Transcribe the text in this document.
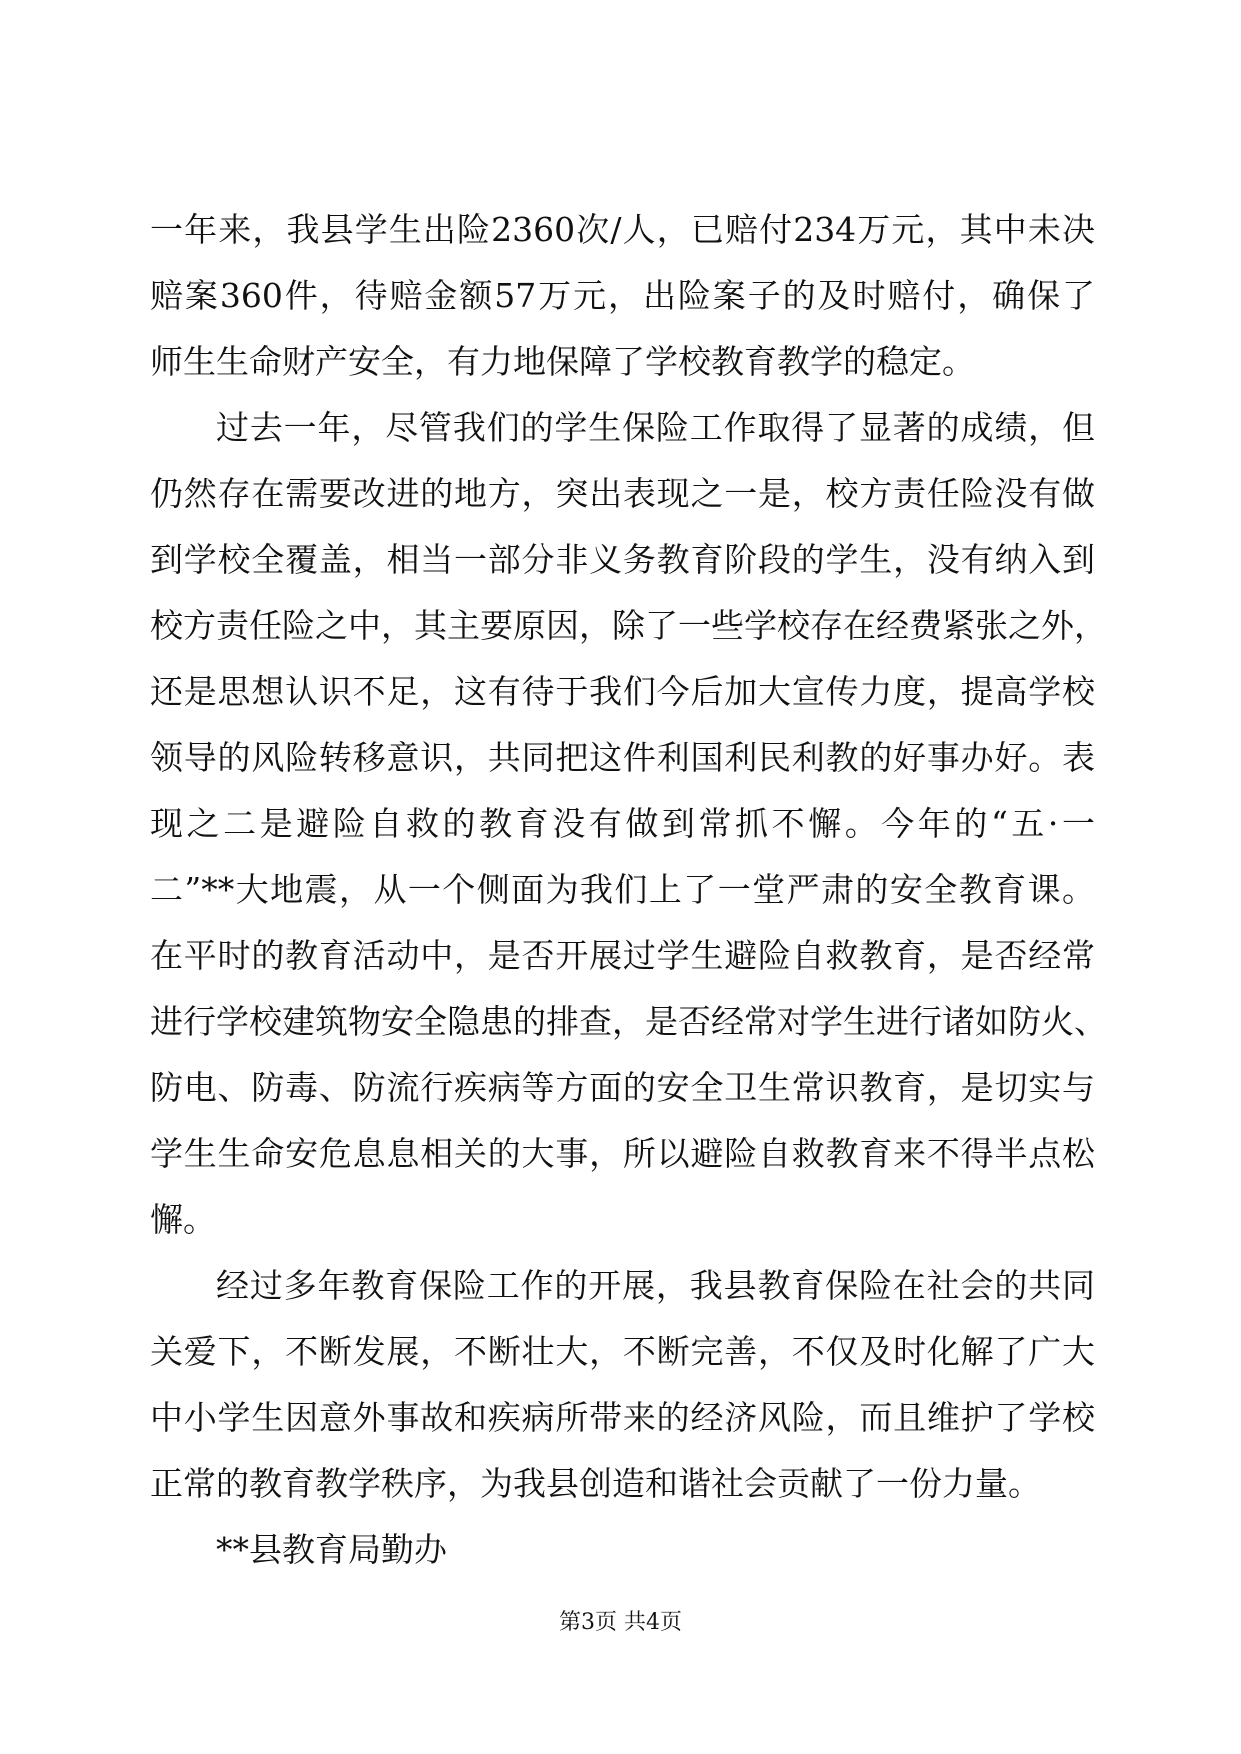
一年来，我县学生出险2360次/人，已赔付234万元，其中未决
赔案360件，待赔金额57万元，出险案子的及时赔付，确保了
师生生命财产安全，有力地保障了学校教育教学的稳定。
过去一年，尽管我们的学生保险工作取得了显著的成绩，但
仍然存在需要改进的地方，突出表现之一是，校方责任险没有做
到学校全覆盖，相当一部分非义务教育阶段的学生，没有纳入到
校方责任险之中，其主要原因，除了一些学校存在经费紧张之外，
还是思想认识不足，这有待于我们今后加大宣传力度，提高学校
领导的风险转移意识，共同把这件利国利民利教的好事办好。表
现之二是避险自救的教育没有做到常抓不懈。今年的“五·一
二”**大地震，从一个侧面为我们上了一堂严肃的安全教育课。
在平时的教育活动中，是否开展过学生避险自救教育，是否经常
进行学校建筑物安全隐患的排查，是否经常对学生进行诸如防火、
防电、防毒、防流行疾病等方面的安全卫生常识教育，是切实与
学生生命安危息息相关的大事，所以避险自救教育来不得半点松
懈。
经过多年教育保险工作的开展，我县教育保险在社会的共同
关爱下，不断发展，不断壮大，不断完善，不仅及时化解了广大
中小学生因意外事故和疾病所带来的经济风险，而且维护了学校
正常的教育教学秩序，为我县创造和谐社会贡献了一份力量。
**县教育局勤办
第3页 共4页
